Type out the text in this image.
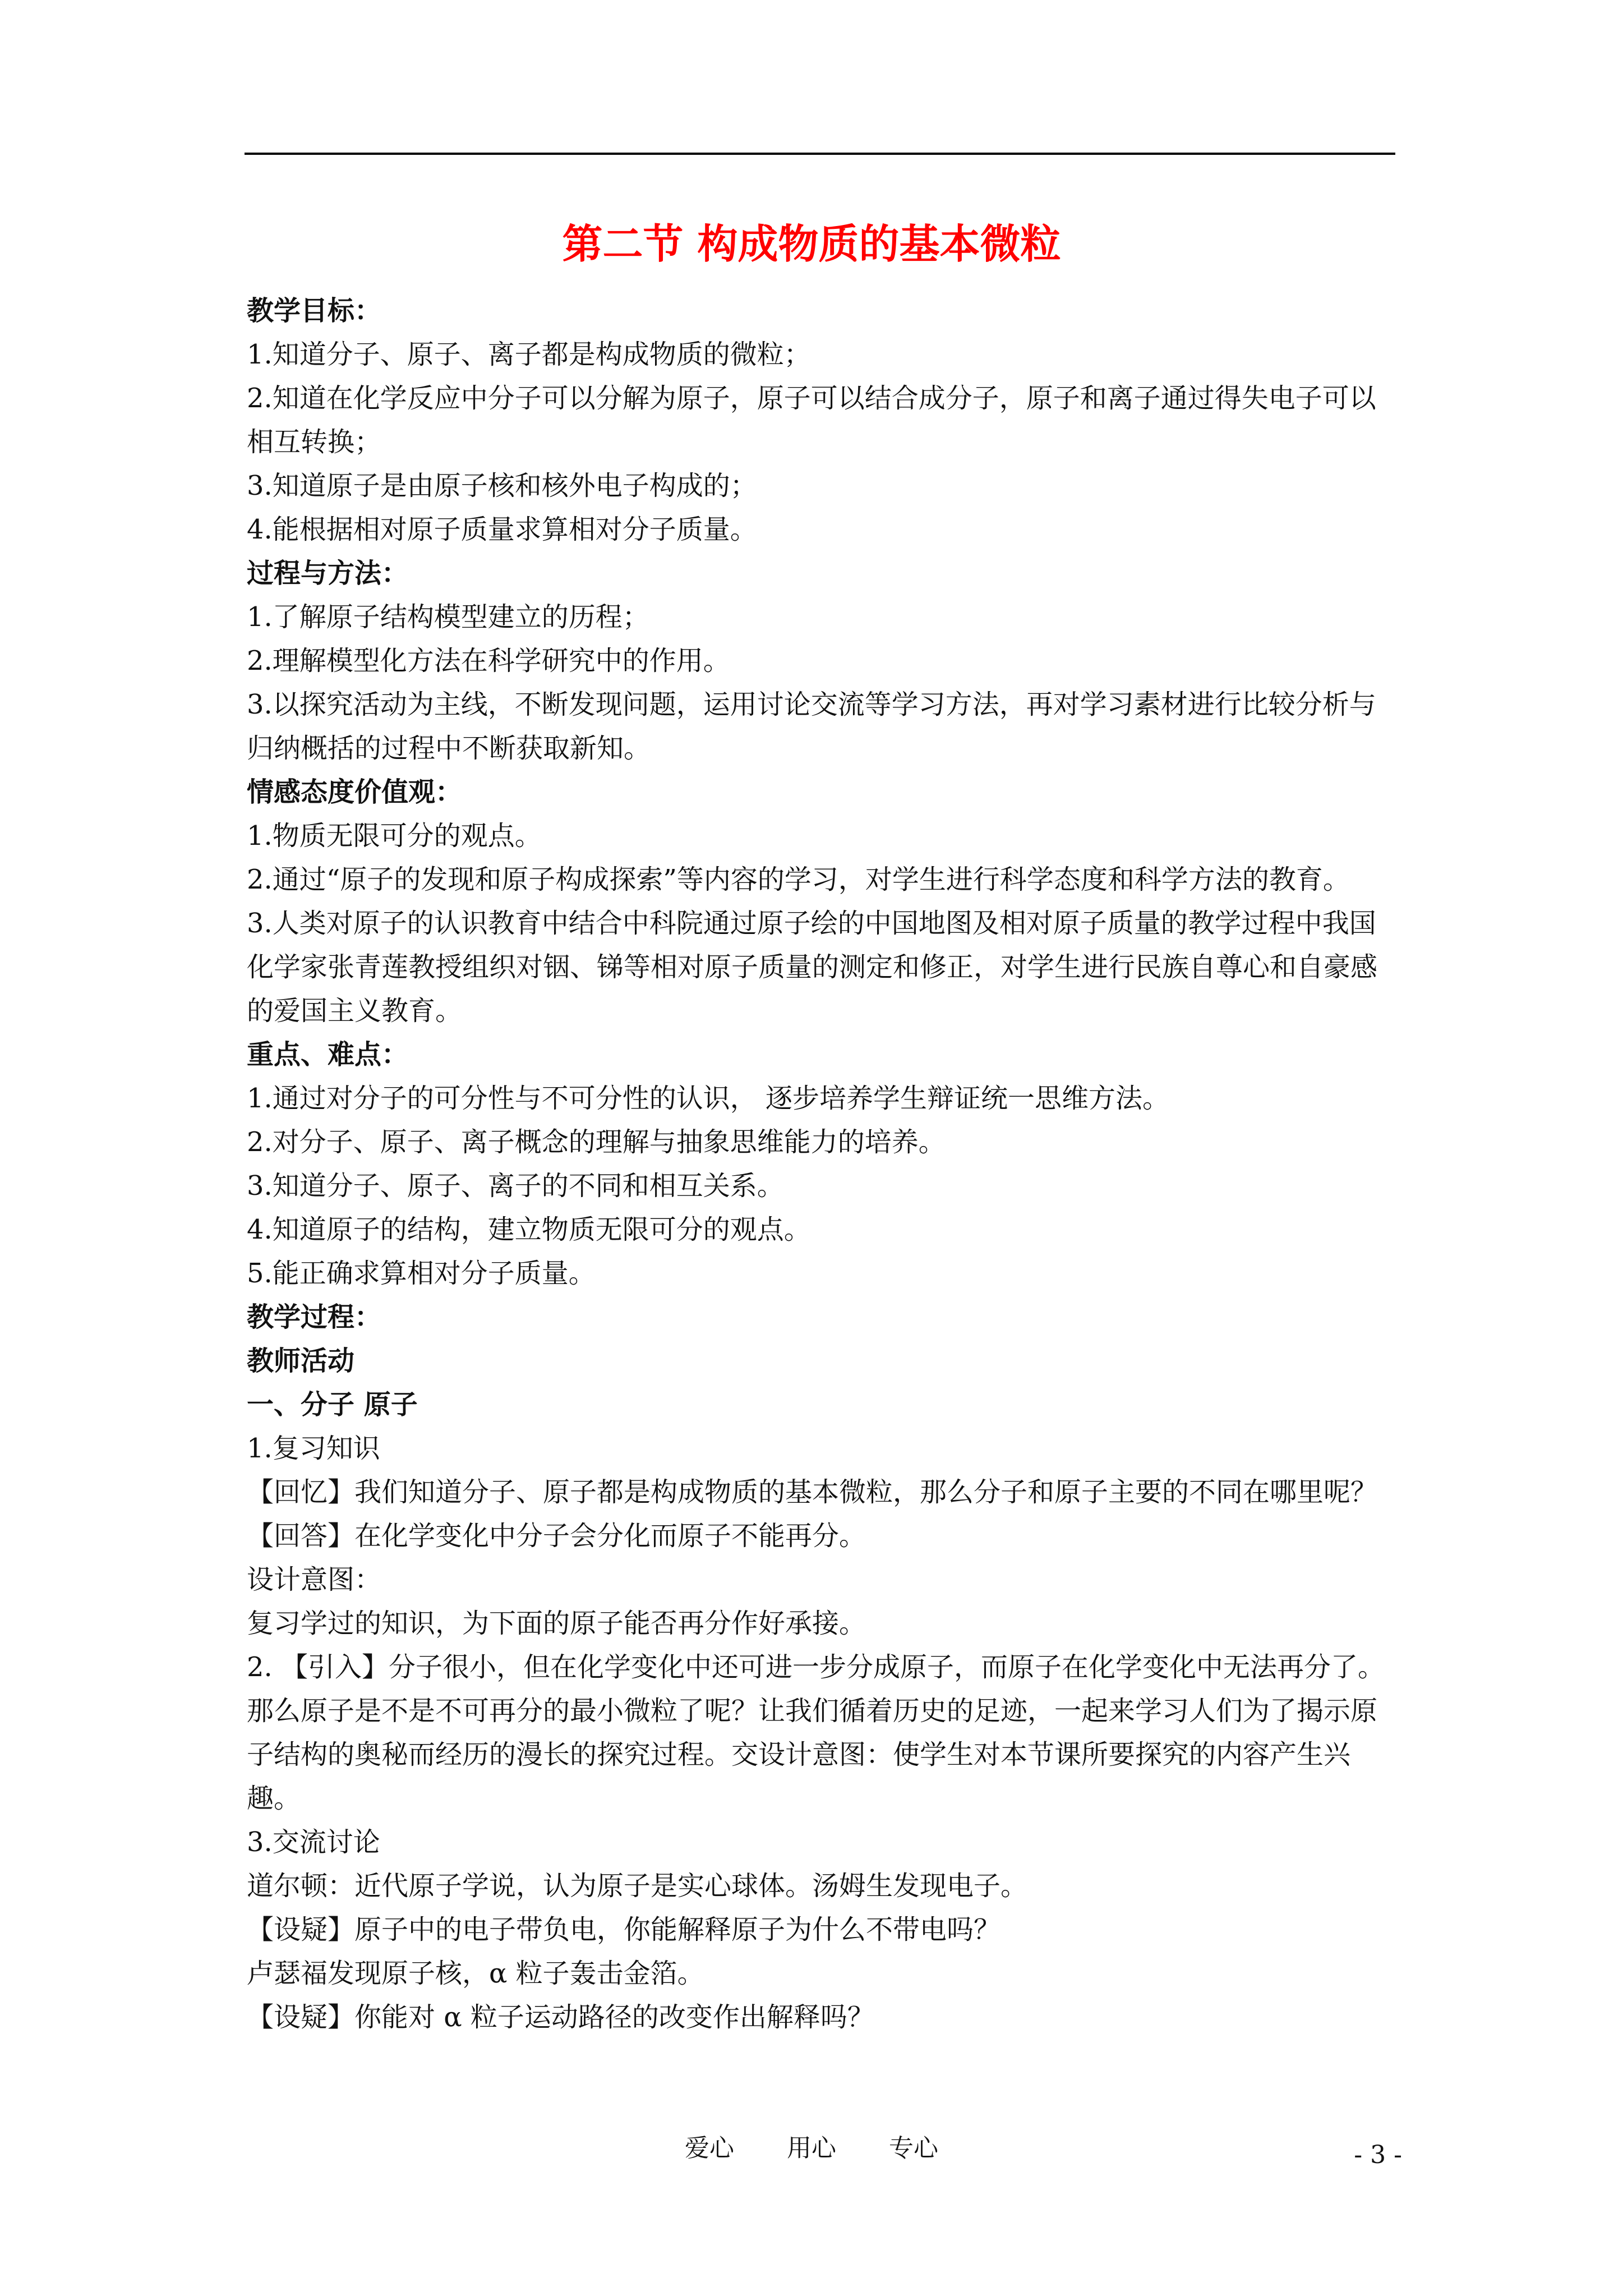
第二节 构成物质的基本微粒

教学目标：

1.知道分子、原子、离子都是构成物质的微粒；

2.知道在化学反应中分子可以分解为原子，原子可以结合成分子，原子和离子通过得失电子可以相互转换；

3.知道原子是由原子核和核外电子构成的；

4.能根据相对原子质量求算相对分子质量。

过程与方法：

1.了解原子结构模型建立的历程；

2.理解模型化方法在科学研究中的作用。

3.以探究活动为主线，不断发现问题，运用讨论交流等学习方法，再对学习素材进行比较分析与归纳概括的过程中不断获取新知。

情感态度价值观：

1.物质无限可分的观点。

2.通过“原子的发现和原子构成探索”等内容的学习，对学生进行科学态度和科学方法的教育。

3.人类对原子的认识教育中结合中科院通过原子绘的中国地图及相对原子质量的教学过程中我国化学家张青莲教授组织对铟、锑等相对原子质量的测定和修正，对学生进行民族自尊心和自豪感的爱国主义教育。

重点、难点：

1.通过对分子的可分性与不可分性的认识， 逐步培养学生辩证统一思维方法。

2.对分子、原子、离子概念的理解与抽象思维能力的培养。

3.知道分子、原子、离子的不同和相互关系。

4.知道原子的结构，建立物质无限可分的观点。

5.能正确求算相对分子质量。

教学过程：

教师活动

一、分子 原子

1.复习知识

【回忆】我们知道分子、原子都是构成物质的基本微粒，那么分子和原子主要的不同在哪里呢？

【回答】在化学变化中分子会分化而原子不能再分。

设计意图：

复习学过的知识，为下面的原子能否再分作好承接。

2. 【引入】分子很小，但在化学变化中还可进一步分成原子，而原子在化学变化中无法再分了。那么原子是不是不可再分的最小微粒了呢？让我们循着历史的足迹，一起来学习人们为了揭示原子结构的奥秘而经历的漫长的探究过程。交设计意图：使学生对本节课所要探究的内容产生兴趣。

3.交流讨论

道尔顿：近代原子学说，认为原子是实心球体。汤姆生发现电子。

【设疑】原子中的电子带负电，你能解释原子为什么不带电吗？

卢瑟福发现原子核，α 粒子轰击金箔。

【设疑】你能对 α 粒子运动路径的改变作出解释吗？

爱心 用心 专心	- 3 -
